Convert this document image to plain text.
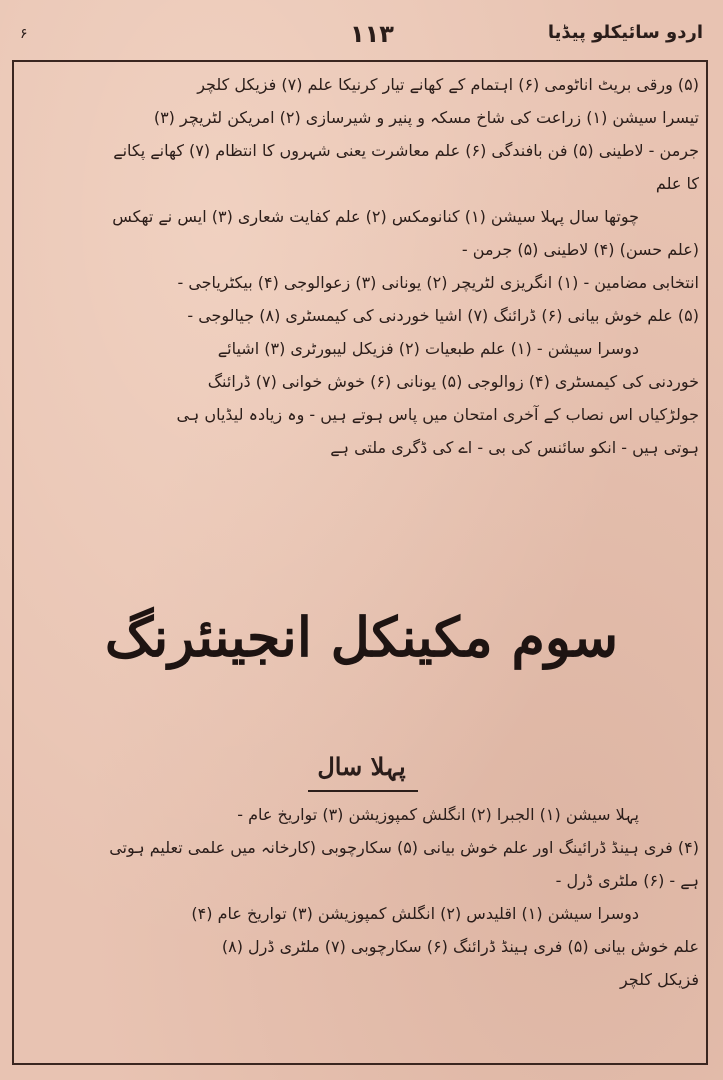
۶	۱۱۳	اردو سائیکلو پیڈیا

(۵) ورقی بریٹ اناٹومی (۶) اہتمام کے کھانے تیار کرنیکا علم (۷) فزیکل کلچر

تیسرا سیشن (۱) زراعت کی شاخ مسکہ و پنیر و شیرسازی (۲) امریکن لٹریچر (۳)

جرمن - لاطینی (۵) فن بافندگی (۶) علم معاشرت یعنی شہروں کا انتظام (۷) کھانے پکانے

کا علم

چوتھا سال پہلا سیشن (۱) کنانومکس (۲) علم کفایت شعاری (۳) ایس نے تھکس

(علم حسن) (۴) لاطینی (۵) جرمن -

انتخابی مضامین - (۱) انگریزی لٹریچر (۲) یونانی (۳) زعوالوجی (۴) بیکٹریاجی -

(۵) علم خوش بیانی (۶) ڈرائنگ (۷) اشیا خوردنی کی کیمسٹری (۸) جیالوجی -

دوسرا سیشن - (۱) علم طبعیات (۲) فزیکل لیبورٹری (۳) اشیائے

خوردنی کی کیمسٹری (۴) زوالوجی (۵) یونانی (۶) خوش خوانی (۷) ڈرائنگ

جولڑکیاں اس نصاب کے آخری امتحان میں پاس ہوتے ہیں - وہ زیادہ لیڈیاں ہی

ہوتی ہیں - انکو سائنس کی بی - اے کی ڈگری ملتی ہے

سوم مکینکل انجینئرنگ
پہلا سال

پہلا سیشن (۱) الجبرا (۲) انگلش کمپوزیشن (۳) تواریخ عام -

(۴) فری ہینڈ ڈرائینگ اور علم خوش بیانی (۵) سکارچوبی (کارخانہ میں علمی تعلیم ہوتی

ہے - (۶) ملٹری ڈرل -

دوسرا سیشن (۱) اقلیدس (۲) انگلش کمپوزیشن (۳) تواریخ عام (۴)

علم خوش بیانی (۵) فری ہینڈ ڈرائنگ (۶) سکارچوبی (۷) ملٹری ڈرل (۸)

فزیکل کلچر
